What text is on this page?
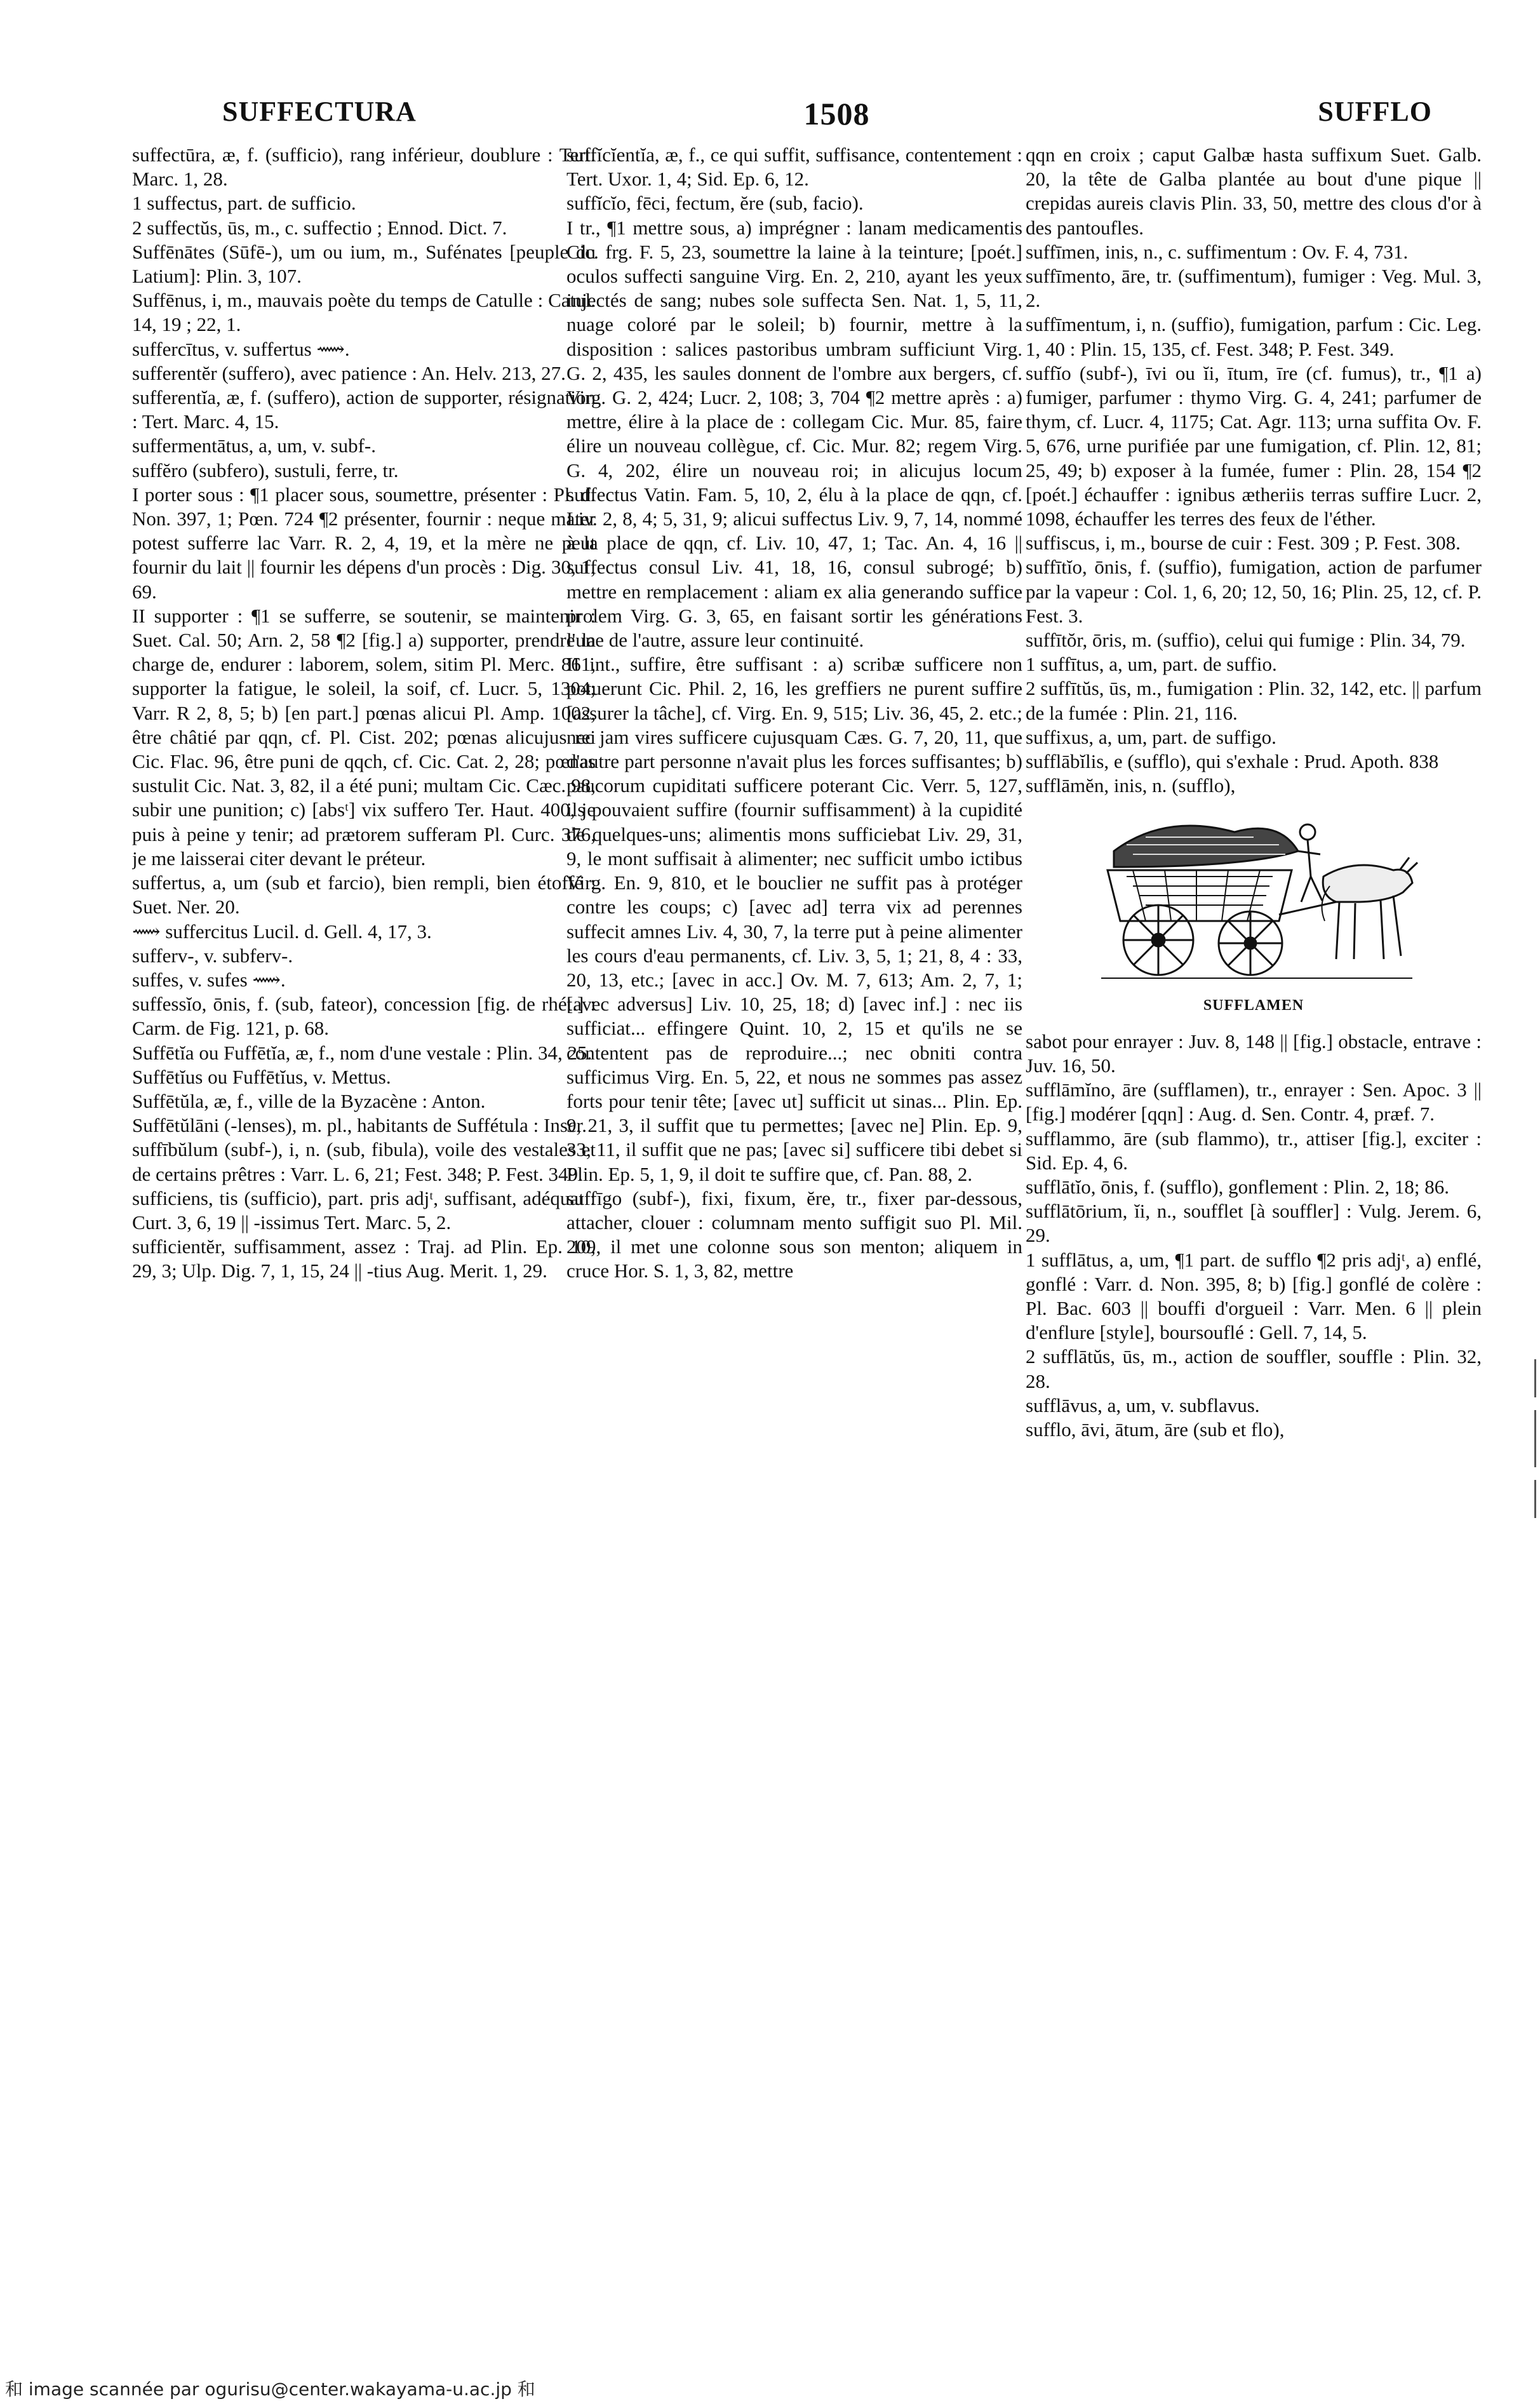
SUFFECTURA	1508	SUFFLO

suffectūra, æ, f. (sufficio), rang inférieur, doublure : Tert. Marc. 1, 28.

1 suffectus, part. de sufficio.

2 suffectŭs, ūs, m., c. suffectio ; Ennod. Dict. 7.

Suffēnātes (Sūfē-), um ou ium, m., Sufénates [peuple du Latium]: Plin. 3, 107.

Suffēnus, i, m., mauvais poète du temps de Catulle : Catul. 14, 19 ; 22, 1.

suffercītus, v. suffertus ⟿.

sufferentĕr (suffero), avec patience : An. Helv. 213, 27.

sufferentĭa, æ, f. (suffero), action de supporter, résignation : Tert. Marc. 4, 15.

suffermentātus, a, um, v. subf-.

suffĕro (subfero), sustuli, ferre, tr.

I porter sous : ¶1 placer sous, soumettre, présenter : Pl. d. Non. 397, 1; Pœn. 724 ¶2 présenter, fournir : neque mater potest sufferre lac Varr. R. 2, 4, 19, et la mère ne peut fournir du lait || fournir les dépens d'un procès : Dig. 30, 1, 69.

II supporter : ¶1 se sufferre, se soutenir, se maintenir : Suet. Cal. 50; Arn. 2, 58 ¶2 [fig.] a) supporter, prendre la charge de, endurer : laborem, solem, sitim Pl. Merc. 861, supporter la fatigue, le soleil, la soif, cf. Lucr. 5, 1304; Varr. R 2, 8, 5; b) [en part.] pœnas alicui Pl. Amp. 1002, être châtié par qqn, cf. Pl. Cist. 202; pœnas alicujus rei Cic. Flac. 96, être puni de qqch, cf. Cic. Cat. 2, 28; pœnas sustulit Cic. Nat. 3, 82, il a été puni; multam Cic. Cæc. 98, subir une punition; c) [absᵗ] vix suffero Ter. Haut. 400, je puis à peine y tenir; ad prætorem sufferam Pl. Curc. 376, je me laisserai citer devant le préteur.

suffertus, a, um (sub et farcio), bien rempli, bien étoffé : Suet. Ner. 20.

⟿ suffercitus Lucil. d. Gell. 4, 17, 3.

sufferv-, v. subferv-.

suffes, v. sufes ⟿.

suffessĭo, ōnis, f. (sub, fateor), concession [fig. de rhét.] : Carm. de Fig. 121, p. 68.

Suffētĭa ou Fuffētĭa, æ, f., nom d'une vestale : Plin. 34, 25.

Suffētĭus ou Fuffētĭus, v. Mettus.

Suffētŭla, æ, f., ville de la Byzacène : Anton.

Suffētŭlāni (-lenses), m. pl., habitants de Suffétula : Inscr.

suffībŭlum (subf-), i, n. (sub, fibula), voile des vestales et de certains prêtres : Varr. L. 6, 21; Fest. 348; P. Fest. 349.

sufficiens, tis (sufficio), part. pris adjᵗ, suffisant, adéquat : Curt. 3, 6, 19 || -issimus Tert. Marc. 5, 2.

sufficientĕr, suffisamment, assez : Traj. ad Plin. Ep. 10, 29, 3; Ulp. Dig. 7, 1, 15, 24 || -tius Aug. Merit. 1, 29.

suffĭcĭentĭa, æ, f., ce qui suffit, suffisance, contentement : Tert. Uxor. 1, 4; Sid. Ep. 6, 12.

suffĭcĭo, fēci, fectum, ĕre (sub, facio).

I tr., ¶1 mettre sous, a) imprégner : lanam medicamentis Cic. frg. F. 5, 23, soumettre la laine à la teinture; [poét.] oculos suffecti sanguine Virg. En. 2, 210, ayant les yeux injectés de sang; nubes sole suffecta Sen. Nat. 1, 5, 11, nuage coloré par le soleil; b) fournir, mettre à la disposition : salices pastoribus umbram sufficiunt Virg. G. 2, 435, les saules donnent de l'ombre aux bergers, cf. Virg. G. 2, 424; Lucr. 2, 108; 3, 704 ¶2 mettre après : a) mettre, élire à la place de : collegam Cic. Mur. 85, faire élire un nouveau collègue, cf. Cic. Mur. 82; regem Virg. G. 4, 202, élire un nouveau roi; in alicujus locum suffectus Vatin. Fam. 5, 10, 2, élu à la place de qqn, cf. Liv. 2, 8, 4; 5, 31, 9; alicui suffectus Liv. 9, 7, 14, nommé à la place de qqn, cf. Liv. 10, 47, 1; Tac. An. 4, 16 || suffectus consul Liv. 41, 18, 16, consul subrogé; b) mettre en remplacement : aliam ex alia generando suffice prolem Virg. G. 3, 65, en faisant sortir les générations l'une de l'autre, assure leur continuité.

II int., suffire, être suffisant : a) scribæ sufficere non potuerunt Cic. Phil. 2, 16, les greffiers ne purent suffire [assurer la tâche], cf. Virg. En. 9, 515; Liv. 36, 45, 2. etc.; nec jam vires sufficere cujusquam Cæs. G. 7, 20, 11, que d'autre part personne n'avait plus les forces suffisantes; b) paucorum cupiditati sufficere poterant Cic. Verr. 5, 127, ils pouvaient suffire (fournir suffisamment) à la cupidité de quelques-uns; alimentis mons sufficiebat Liv. 29, 31, 9, le mont suffisait à alimenter; nec sufficit umbo ictibus Virg. En. 9, 810, et le bouclier ne suffit pas à protéger contre les coups; c) [avec ad] terra vix ad perennes suffecit amnes Liv. 4, 30, 7, la terre put à peine alimenter les cours d'eau permanents, cf. Liv. 3, 5, 1; 21, 8, 4 : 33, 20, 13, etc.; [avec in acc.] Ov. M. 7, 613; Am. 2, 7, 1; [avec adversus] Liv. 10, 25, 18; d) [avec inf.] : nec iis sufficiat... effingere Quint. 10, 2, 15 et qu'ils ne se contentent pas de reproduire...; nec obniti contra sufficimus Virg. En. 5, 22, et nous ne sommes pas assez forts pour tenir tête; [avec ut] sufficit ut sinas... Plin. Ep. 9, 21, 3, il suffit que tu permettes; [avec ne] Plin. Ep. 9, 33, 11, il suffit que ne pas; [avec si] sufficere tibi debet si Plin. Ep. 5, 1, 9, il doit te suffire que, cf. Pan. 88, 2.

suffīgo (subf-), fixi, fixum, ĕre, tr., fixer par-dessous, attacher, clouer : columnam mento suffigit suo Pl. Mil. 209, il met une colonne sous son menton; aliquem in cruce Hor. S. 1, 3, 82, mettre

qqn en croix ; caput Galbæ hasta suffixum Suet. Galb. 20, la tête de Galba plantée au bout d'une pique || crepidas aureis clavis Plin. 33, 50, mettre des clous d'or à des pantoufles.

suffīmen, inis, n., c. suffimentum : Ov. F. 4, 731.

suffīmento, āre, tr. (suffimentum), fumiger : Veg. Mul. 3, 2.

suffīmentum, i, n. (suffio), fumigation, parfum : Cic. Leg. 1, 40 : Plin. 15, 135, cf. Fest. 348; P. Fest. 349.

suffĭo (subf-), īvi ou ĭi, ītum, īre (cf. fumus), tr., ¶1 a) fumiger, parfumer : thymo Virg. G. 4, 241; parfumer de thym, cf. Lucr. 4, 1175; Cat. Agr. 113; urna suffita Ov. F. 5, 676, urne purifiée par une fumigation, cf. Plin. 12, 81; 25, 49; b) exposer à la fumée, fumer : Plin. 28, 154 ¶2 [poét.] échauffer : ignibus ætheriis terras suffire Lucr. 2, 1098, échauffer les terres des feux de l'éther.

suffiscus, i, m., bourse de cuir : Fest. 309 ; P. Fest. 308.

suffītĭo, ōnis, f. (suffio), fumigation, action de parfumer par la vapeur : Col. 1, 6, 20; 12, 50, 16; Plin. 25, 12, cf. P. Fest. 3.

suffītŏr, ōris, m. (suffio), celui qui fumige : Plin. 34, 79.

1 suffītus, a, um, part. de suffio.

2 suffītŭs, ūs, m., fumigation : Plin. 32, 142, etc. || parfum de la fumée : Plin. 21, 116.

suffixus, a, um, part. de suffigo.

sufflābĭlis, e (sufflo), qui s'exhale : Prud. Apoth. 838

sufflāmĕn, inis, n. (sufflo),

SUFFLAMEN

sabot pour enrayer : Juv. 8, 148 || [fig.] obstacle, entrave : Juv. 16, 50.

sufflāmĭno, āre (sufflamen), tr., enrayer : Sen. Apoc. 3 || [fig.] modérer [qqn] : Aug. d. Sen. Contr. 4, præf. 7.

sufflammo, āre (sub flammo), tr., attiser [fig.], exciter : Sid. Ep. 4, 6.

sufflātĭo, ōnis, f. (sufflo), gonflement : Plin. 2, 18; 86.

sufflātōrium, ĭi, n., soufflet [à souffler] : Vulg. Jerem. 6, 29.

1 sufflātus, a, um, ¶1 part. de sufflo ¶2 pris adjᵗ, a) enflé, gonflé : Varr. d. Non. 395, 8; b) [fig.] gonflé de colère : Pl. Bac. 603 || bouffi d'orgueil : Varr. Men. 6 || plein d'enflure [style], boursouflé : Gell. 7, 14, 5.

2 sufflātŭs, ūs, m., action de souffler, souffle : Plin. 32, 28.

sufflāvus, a, um, v. subflavus.

sufflo, āvi, ātum, āre (sub et flo),

和 image scannée par ogurisu@center.wakayama-u.ac.jp 和
